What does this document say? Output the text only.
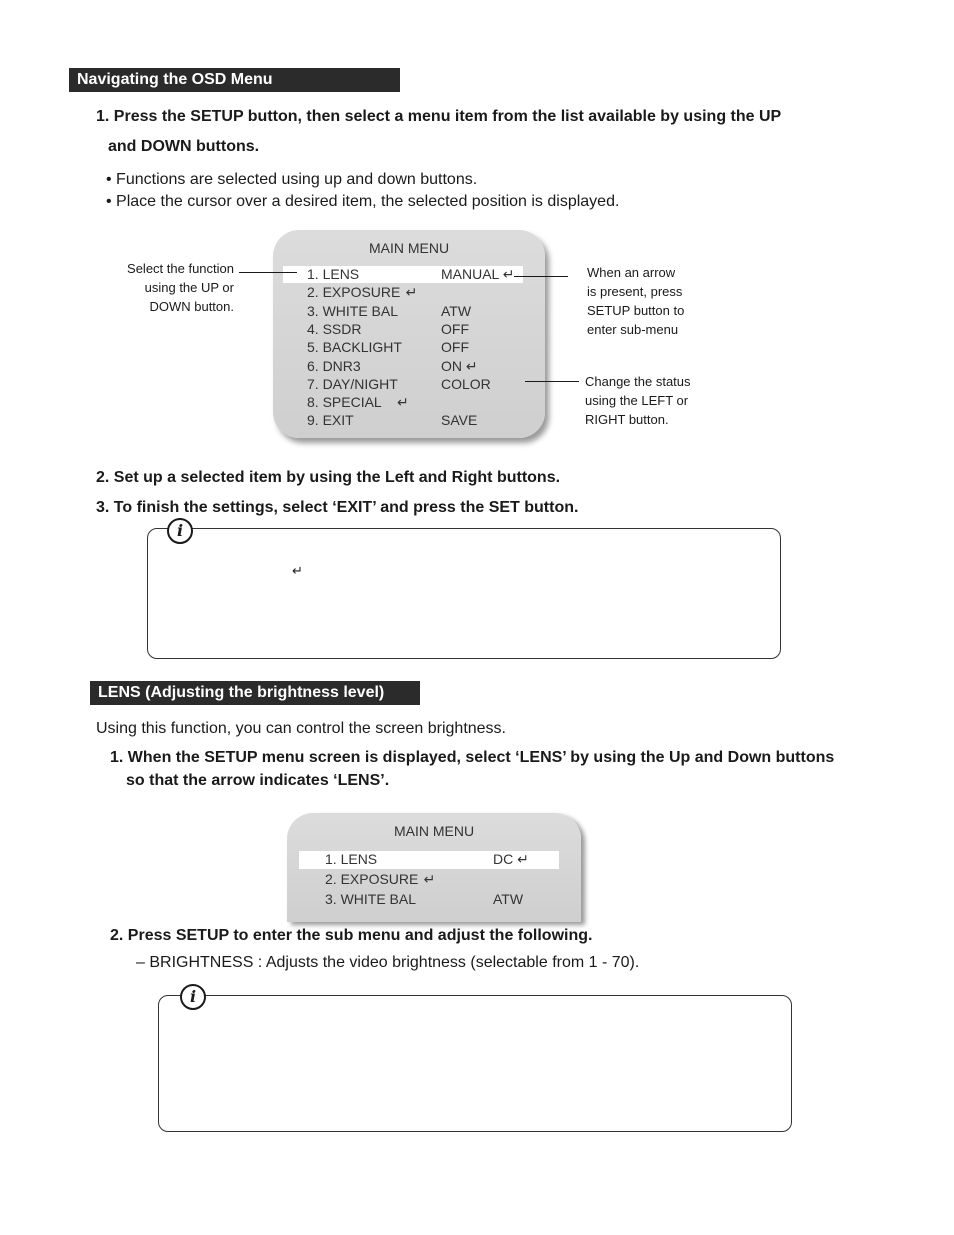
Navigating the OSD Menu
1. Press the SETUP button, then select a menu item from the list available by using the UP
and DOWN buttons.
• Functions are selected using up and down buttons.
• Place the cursor over a desired item, the selected position is displayed.
MAIN MENU
1. LENS	MANUAL ↵
2. EXPOSURE ↵
3. WHITE BAL	ATW
4. SSDR	OFF
5. BACKLIGHT	OFF
6. DNR3	ON ↵
7. DAY/NIGHT	COLOR
8. SPECIAL ↵
9. EXIT	SAVE
Select the function
using the UP or
DOWN button.
When an arrow
is present, press
SETUP button to
enter sub-menu
Change the status
using the LEFT or
RIGHT button.
2. Set up a selected item by using the Left and Right buttons.
3. To finish the settings, select ‘EXIT’ and press the SET button.
↵
i
LENS (Adjusting the brightness level)
Using this function, you can control the screen brightness.
1. When the SETUP menu screen is displayed, select ‘LENS’ by using the Up and Down buttons
so that the arrow indicates ‘LENS’.
MAIN MENU
1. LENS	DC ↵
2. EXPOSURE ↵
3. WHITE BAL	ATW
2. Press SETUP to enter the sub menu and adjust the following.
– BRIGHTNESS : Adjusts the video brightness (selectable from 1 - 70).
i
